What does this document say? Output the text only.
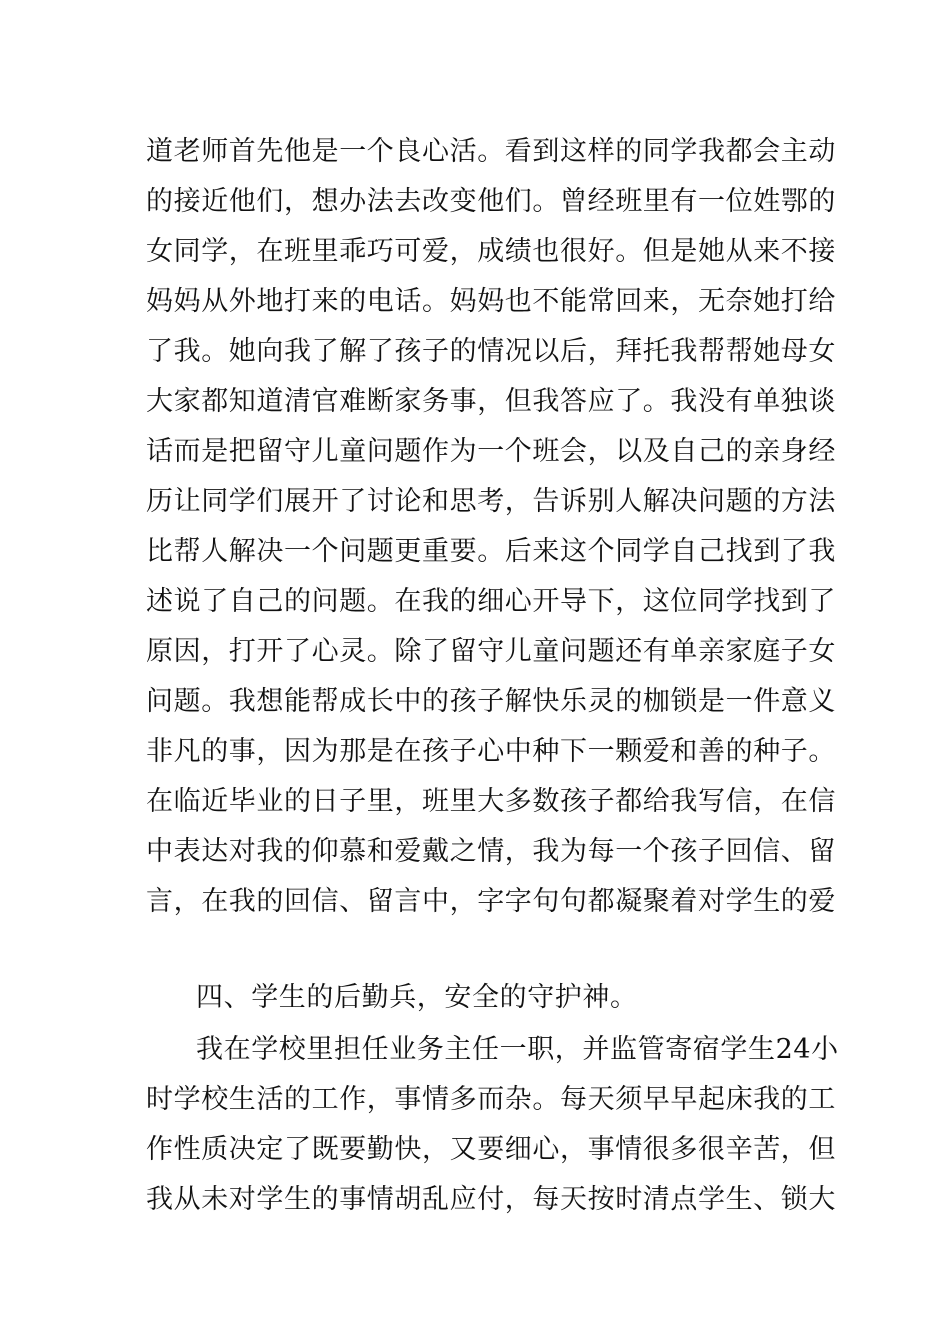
道老师首先他是一个良心活。看到这样的同学我都会主动
的接近他们，想办法去改变他们。曾经班里有一位姓鄂的
女同学，在班里乖巧可爱，成绩也很好。但是她从来不接
妈妈从外地打来的电话。妈妈也不能常回来，无奈她打给
了我。她向我了解了孩子的情况以后，拜托我帮帮她母女
大家都知道清官难断家务事，但我答应了。我没有单独谈
话而是把留守儿童问题作为一个班会，以及自己的亲身经
历让同学们展开了讨论和思考，告诉别人解决问题的方法
比帮人解决一个问题更重要。后来这个同学自己找到了我
述说了自己的问题。在我的细心开导下，这位同学找到了
原因，打开了心灵。除了留守儿童问题还有单亲家庭子女
问题。我想能帮成长中的孩子解快乐灵的枷锁是一件意义
非凡的事，因为那是在孩子心中种下一颗爱和善的种子。
在临近毕业的日子里，班里大多数孩子都给我写信，在信
中表达对我的仰慕和爱戴之情，我为每一个孩子回信、留
言，在我的回信、留言中，字字句句都凝聚着对学生的爱
四、学生的后勤兵，安全的守护神。
我在学校里担任业务主任一职，并监管寄宿学生24小
时学校生活的工作，事情多而杂。每天须早早起床我的工
作性质决定了既要勤快，又要细心，事情很多很辛苦，但
我从未对学生的事情胡乱应付，每天按时清点学生、锁大
